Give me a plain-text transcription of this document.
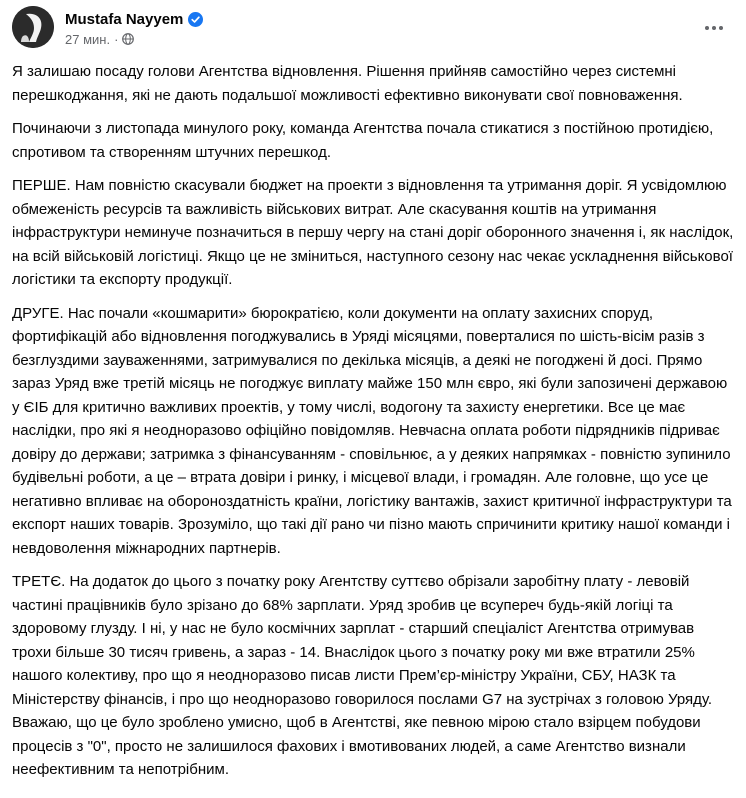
Mustafa Nayyem
27 мин. ·

Я залишаю посаду голови Агентства відновлення. Рішення прийняв самостійно через системні перешкоджання, які не дають подальшої можливості ефективно виконувати свої повноваження.

Починаючи з листопада минулого року, команда Агентства почала стикатися з постійною протидією, спротивом та створенням штучних перешкод.

ПЕРШЕ. Нам повністю скасували бюджет на проекти з відновлення та утримання доріг. Я усвідомлюю обмеженість ресурсів та важливість військових витрат. Але скасування коштів на утримання інфраструктури неминуче позначиться в першу чергу на стані доріг оборонного значення і, як наслідок, на всій військовій логістиці. Якщо це не зміниться, наступного сезону нас чекає ускладнення військової логістики та експорту продукції.

ДРУГЕ. Нас почали «кошмарити» бюрократією, коли документи на оплату захисних споруд, фортифікацій або відновлення погоджувались в Уряді місяцями, поверталися по шість-вісім разів з безглуздими зауваженнями, затримувалися по декілька місяців, а деякі не погоджені й досі. Прямо зараз Уряд вже третій місяць не погоджує виплату майже 150 млн євро, які були запозичені державою у ЄІБ для критично важливих проектів, у тому числі, водогону та захисту енергетики. Все це має наслідки, про які я неодноразово офіційно повідомляв. Невчасна оплата роботи підрядників підриває довіру до держави; затримка з фінансуванням - сповільнює, а у деяких напрямках - повністю зупинило будівельні роботи, а це – втрата довіри і ринку, і місцевої влади, і громадян. Але головне, що усе це негативно впливає на обороноздатність країни, логістику вантажів, захист критичної інфраструктури та експорт наших товарів. Зрозуміло, що такі дії рано чи пізно мають спричинити критику нашої команди і невдоволення міжнародних партнерів.

ТРЕТЄ. На додаток до цього з початку року Агентству суттєво обрізали заробітну плату - левовій частині працівників було зрізано до 68% зарплати. Уряд зробив це всупереч будь-якій логіці та здоровому глузду. І ні, у нас не було космічних зарплат - старший спеціаліст Агентства отримував трохи більше 30 тисяч гривень, а зараз - 14. Внаслідок цього з початку року ми вже втратили 25% нашого колективу, про що я неодноразово писав листи Прем’єр-міністру України, СБУ, НАЗК та Міністерству фінансів, і про що неодноразово говорилося послами G7 на зустрічах з головою Уряду. Вважаю, що це було зроблено умисно, щоб в Агентстві, яке певною мірою стало взірцем побудови процесів з "0", просто не залишилося фахових і вмотивованих людей, а саме Агентство визнали неефективним та непотрібним.
